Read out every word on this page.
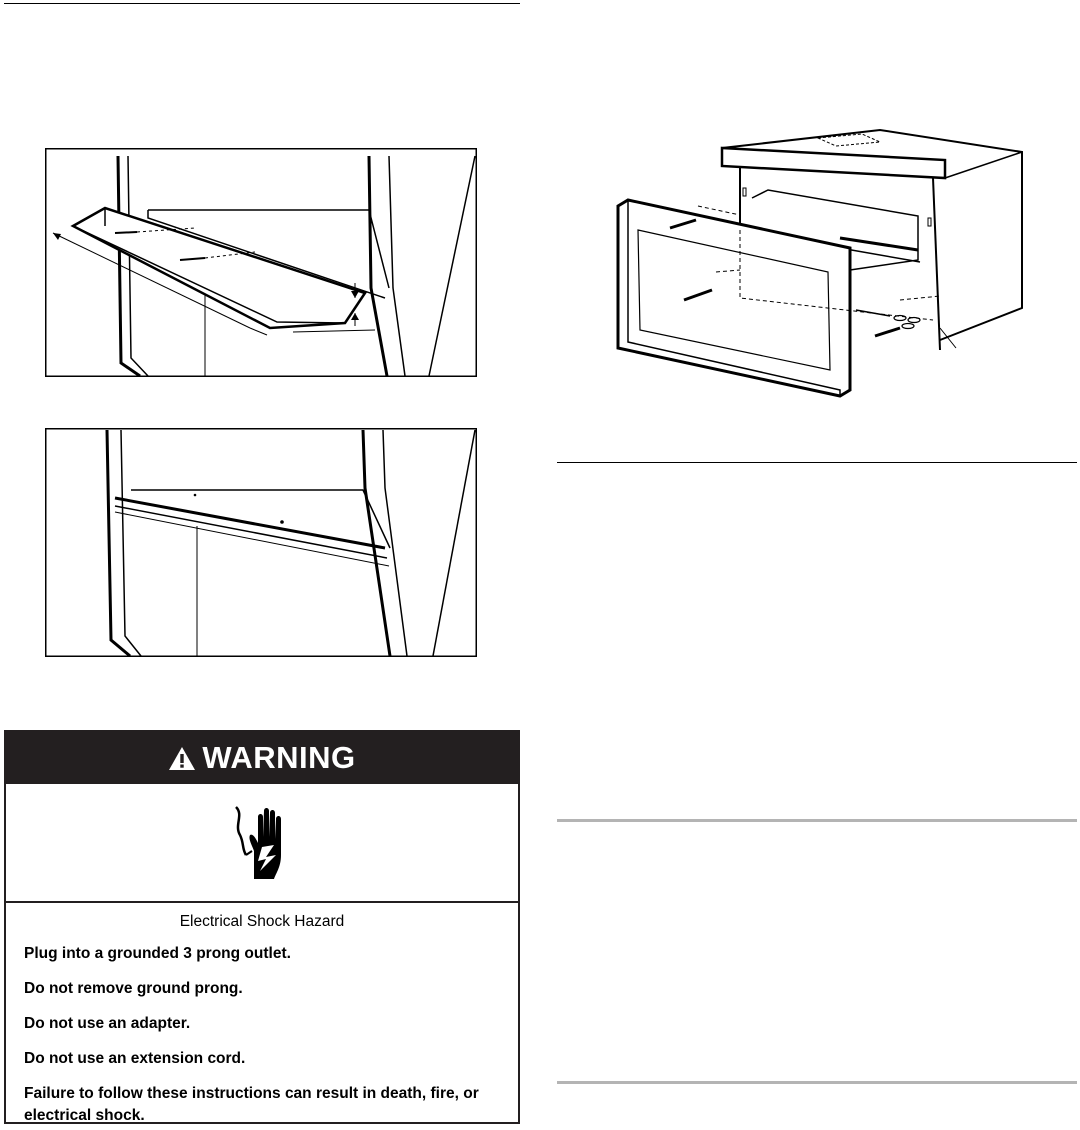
WARNING

Electrical Shock Hazard

Plug into a grounded 3 prong outlet.

Do not remove ground prong.

Do not use an adapter.

Do not use an extension cord.

Failure to follow these instructions can result in death, fire, or electrical shock.
